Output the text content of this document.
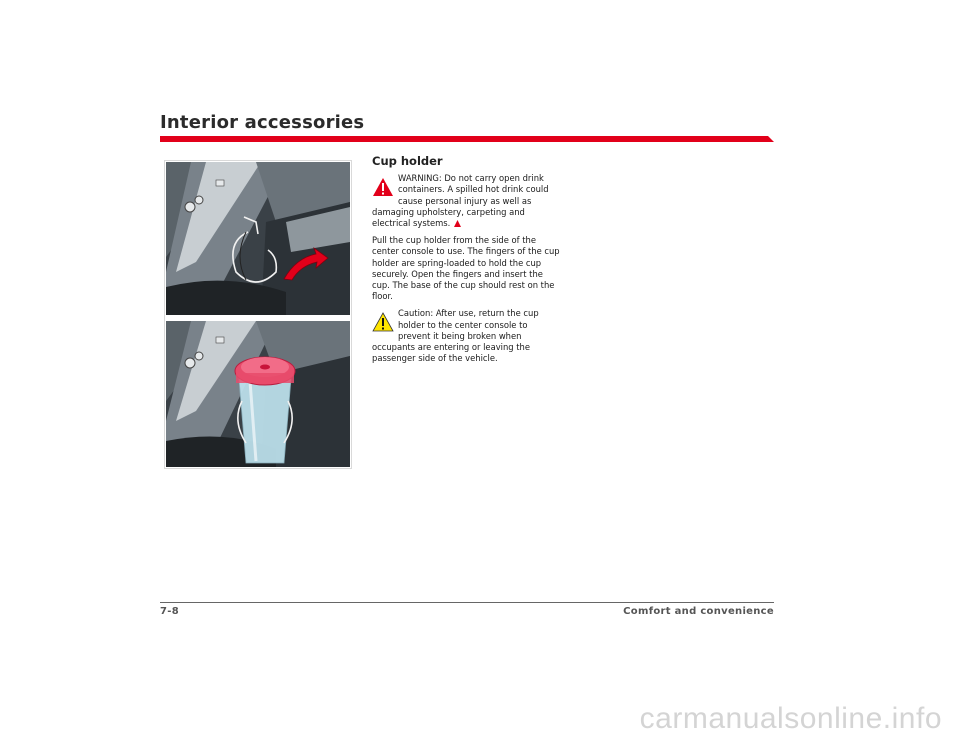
Interior accessories
Cup holder
WARNING: Do not carry open drink containers. A spilled hot drink could cause personal injury as well as damaging upholstery, carpeting and electrical systems.

Pull the cup holder from the side of the center console to use. The fingers of the cup holder are spring-loaded to hold the cup securely. Open the fingers and insert the cup. The base of the cup should rest on the floor.

Caution: After use, return the cup holder to the center console to prevent it being broken when occupants are entering or leaving the passenger side of the vehicle.
7-8	Comfort and convenience
carmanualsonline.info
